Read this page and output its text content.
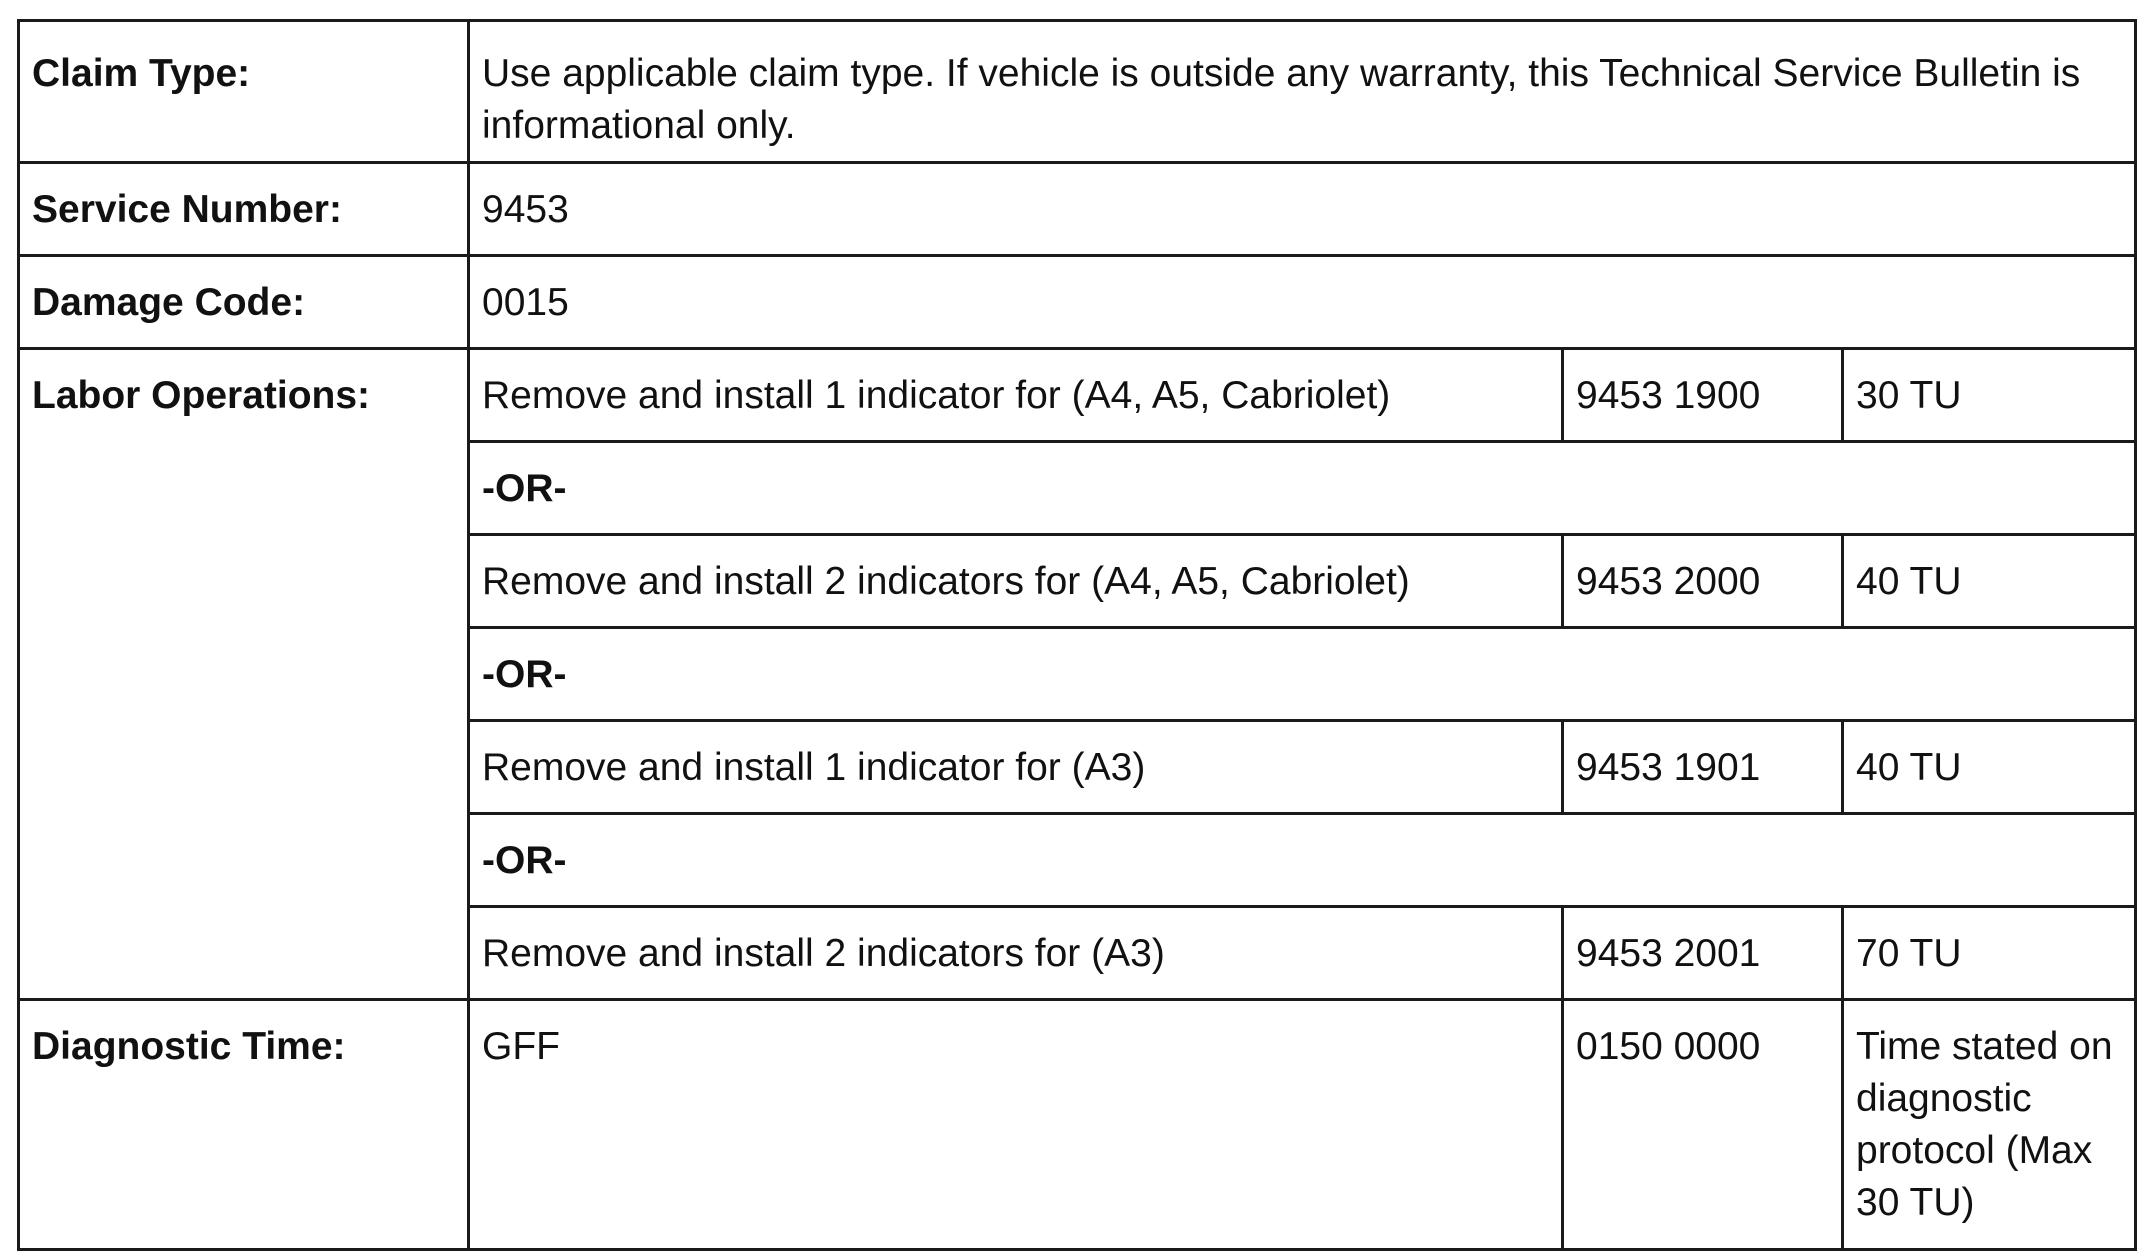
Claim Type:	Use applicable claim type. If vehicle is outside any warranty, this Technical Service Bulletin is informational only.		
Service Number:	9453		
Damage Code:	0015		
Labor Operations:	Remove and install 1 indicator for (A4, A5, Cabriolet)	9453 1900	30 TU
	-OR-		
	Remove and install 2 indicators for (A4, A5, Cabriolet)	9453 2000	40 TU
	-OR-		
	Remove and install 1 indicator for (A3)	9453 1901	40 TU
	-OR-		
	Remove and install 2 indicators for (A3)	9453 2001	70 TU
Diagnostic Time:	GFF	0150 0000	Time stated on diagnostic protocol (Max 30 TU)
